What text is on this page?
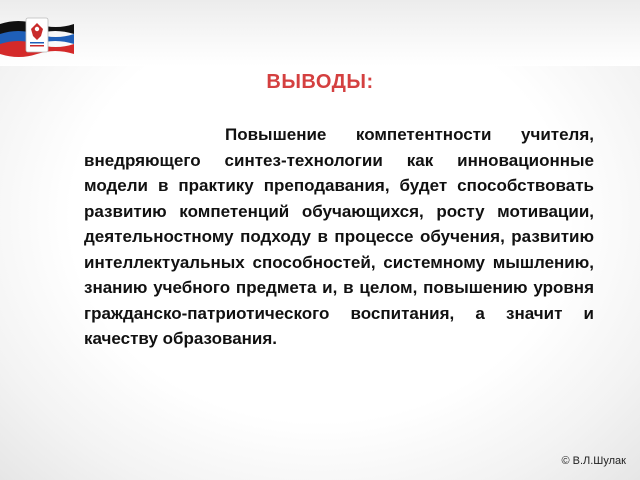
ВЫВОДЫ:

Повышение компетентности учителя, внедряющего синтез-технологии как инновационные модели в практику преподавания, будет способствовать развитию компетенций обучающихся, росту мотивации, деятельностному подходу в процессе обучения, развитию интеллектуальных способностей, системному мышлению, знанию учебного предмета и, в целом, повышению уровня гражданско-патриотического воспитания, а значит и качеству образования.

© В.Л.Шулак
